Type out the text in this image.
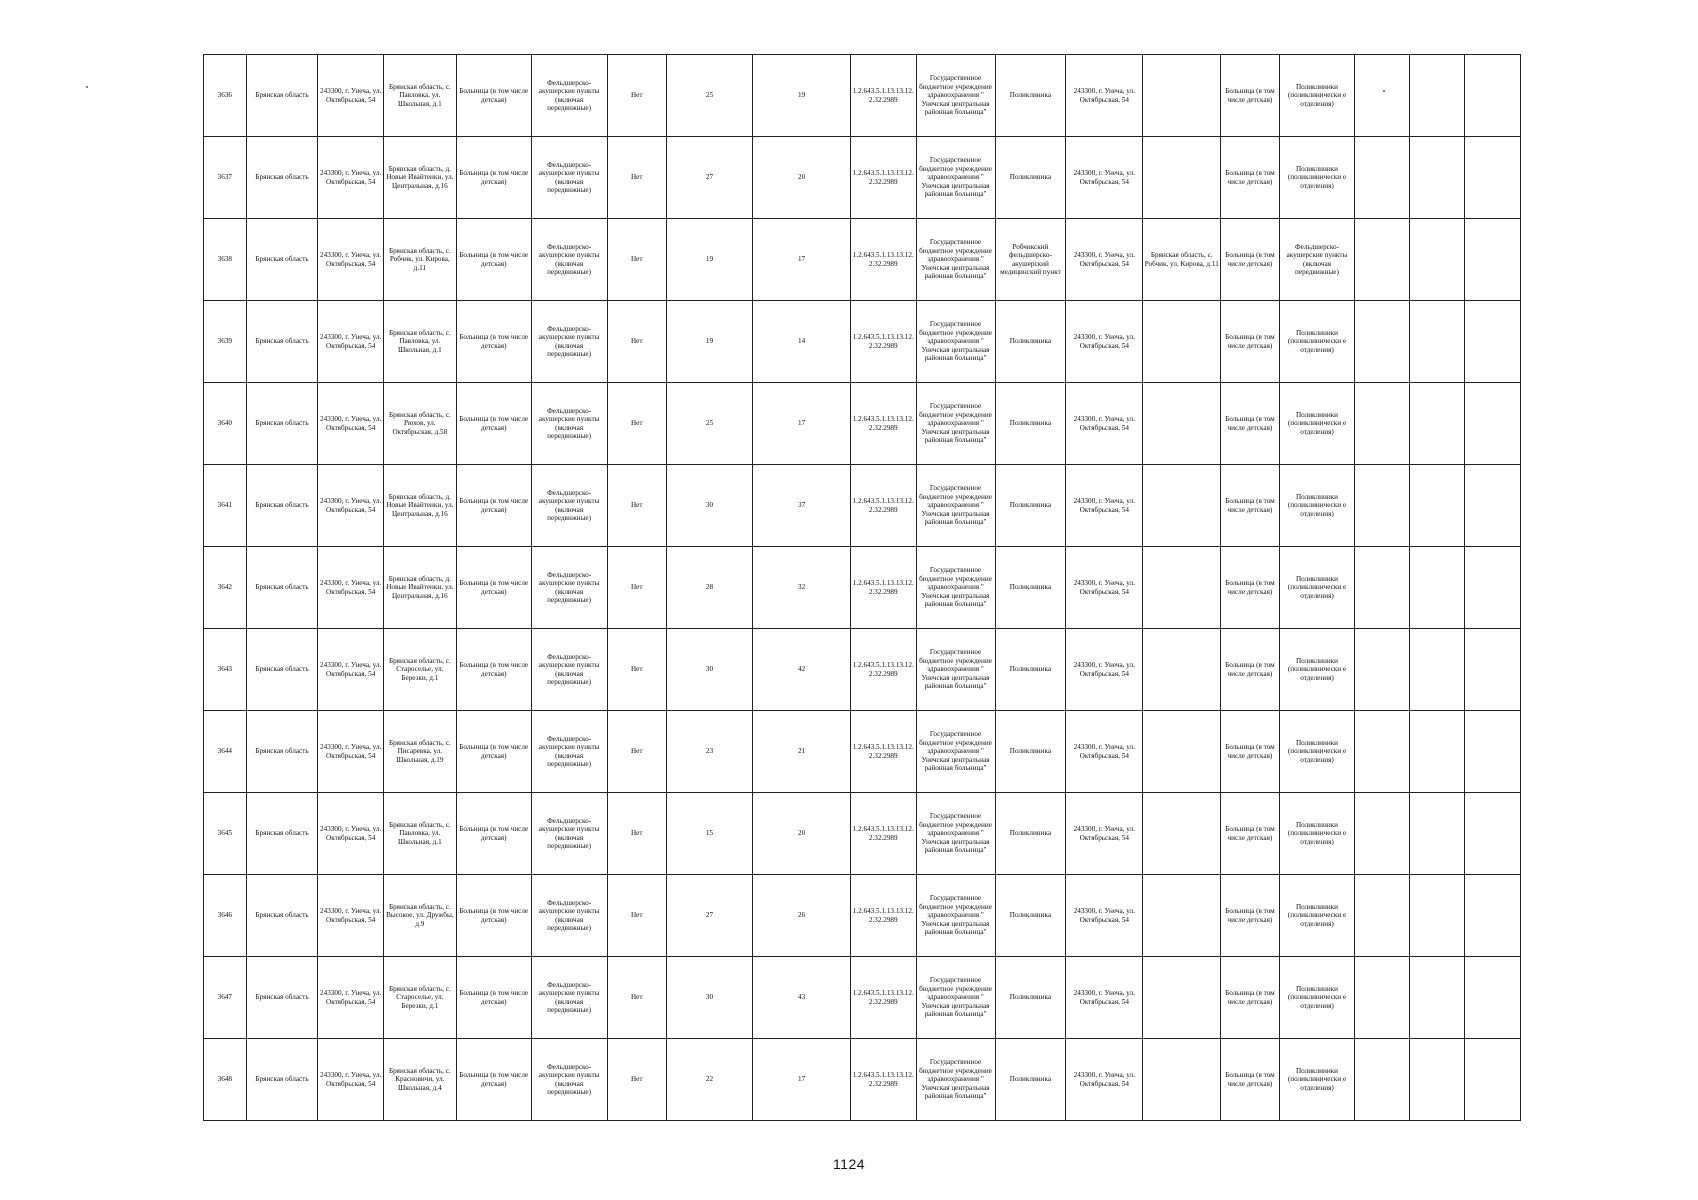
3636	Брянская область	243300, г. Унеча, ул. Октябрьская, 54	Брянская область, с. Павловка, ул. Школьная, д.1	Больница (в том числе детская)	Фельдшерско-акушерские пункты (включая передвижные)	Нет	25	19	1.2.643.5.1.13.13.12.2.32.2989	Государственное бюджетное учреждение здравоохранения " Унечская центральная районная больница"	Поликлиника	243300, г. Унеча, ул. Октябрьская, 54		Больница (в том числе детская)	Поликлиники (поликлинически е отделения)			
3637	Брянская область	243300, г. Унеча, ул. Октябрьская, 54	Брянская область, д. Новые Ивайтенки, ул. Центральная, д.16	Больница (в том числе детская)	Фельдшерско-акушерские пункты (включая передвижные)	Нет	27	20	1.2.643.5.1.13.13.12.2.32.2989	Государственное бюджетное учреждение здравоохранения " Унечская центральная районная больница"	Поликлиника	243300, г. Унеча, ул. Октябрьская, 54		Больница (в том числе детская)	Поликлиники (поликлинически е отделения)			
3638	Брянская область	243300, г. Унеча, ул. Октябрьская, 54	Брянская область, с. Робчик, ул. Кирова, д.11	Больница (в том числе детская)	Фельдшерско-акушерские пункты (включая передвижные)	Нет	19	17	1.2.643.5.1.13.13.12.2.32.2989	Государственное бюджетное учреждение здравоохранения " Унечская центральная районная больница"	Робчикский фельдшерско-акушерский медицинский пункт	243300, г. Унеча, ул. Октябрьская, 54	Брянская область, с. Робчик, ул. Кирова, д.11	Больница (в том числе детская)	Фельдшерско-акушерские пункты (включая передвижные)			
3639	Брянская область	243300, г. Унеча, ул. Октябрьская, 54	Брянская область, с. Павловка, ул. Школьная, д.1	Больница (в том числе детская)	Фельдшерско-акушерские пункты (включая передвижные)	Нет	19	14	1.2.643.5.1.13.13.12.2.32.2989	Государственное бюджетное учреждение здравоохранения " Унечская центральная районная больница"	Поликлиника	243300, г. Унеча, ул. Октябрьская, 54		Больница (в том числе детская)	Поликлиники (поликлинически е отделения)			
3640	Брянская область	243300, г. Унеча, ул. Октябрьская, 54	Брянская область, с. Рюхов, ул. Октябрьская, д.58	Больница (в том числе детская)	Фельдшерско-акушерские пункты (включая передвижные)	Нет	25	17	1.2.643.5.1.13.13.12.2.32.2989	Государственное бюджетное учреждение здравоохранения " Унечская центральная районная больница"	Поликлиника	243300, г. Унеча, ул. Октябрьская, 54		Больница (в том числе детская)	Поликлиники (поликлинически е отделения)			
3641	Брянская область	243300, г. Унеча, ул. Октябрьская, 54	Брянская область, д. Новые Ивайтенки, ул. Центральная, д.16	Больница (в том числе детская)	Фельдшерско-акушерские пункты (включая передвижные)	Нет	30	37	1.2.643.5.1.13.13.12.2.32.2989	Государственное бюджетное учреждение здравоохранения " Унечская центральная районная больница"	Поликлиника	243300, г. Унеча, ул. Октябрьская, 54		Больница (в том числе детская)	Поликлиники (поликлинически е отделения)			
3642	Брянская область	243300, г. Унеча, ул. Октябрьская, 54	Брянская область, д. Новые Ивайтенки, ул. Центральная, д.16	Больница (в том числе детская)	Фельдшерско-акушерские пункты (включая передвижные)	Нет	28	32	1.2.643.5.1.13.13.12.2.32.2989	Государственное бюджетное учреждение здравоохранения " Унечская центральная районная больница"	Поликлиника	243300, г. Унеча, ул. Октябрьская, 54		Больница (в том числе детская)	Поликлиники (поликлинически е отделения)			
3643	Брянская область	243300, г. Унеча, ул. Октябрьская, 54	Брянская область, с. Староселье, ул. Березки, д.1	Больница (в том числе детская)	Фельдшерско-акушерские пункты (включая передвижные)	Нет	30	42	1.2.643.5.1.13.13.12.2.32.2989	Государственное бюджетное учреждение здравоохранения " Унечская центральная районная больница"	Поликлиника	243300, г. Унеча, ул. Октябрьская, 54		Больница (в том числе детская)	Поликлиники (поликлинически е отделения)			
3644	Брянская область	243300, г. Унеча, ул. Октябрьская, 54	Брянская область, с. Писаревка, ул. Школьная, д.19	Больница (в том числе детская)	Фельдшерско-акушерские пункты (включая передвижные)	Нет	23	21	1.2.643.5.1.13.13.12.2.32.2989	Государственное бюджетное учреждение здравоохранения " Унечская центральная районная больница"	Поликлиника	243300, г. Унеча, ул. Октябрьская, 54		Больница (в том числе детская)	Поликлиники (поликлинически е отделения)			
3645	Брянская область	243300, г. Унеча, ул. Октябрьская, 54	Брянская область, с. Павловка, ул. Школьная, д.1	Больница (в том числе детская)	Фельдшерско-акушерские пункты (включая передвижные)	Нет	15	20	1.2.643.5.1.13.13.12.2.32.2989	Государственное бюджетное учреждение здравоохранения " Унечская центральная районная больница"	Поликлиника	243300, г. Унеча, ул. Октябрьская, 54		Больница (в том числе детская)	Поликлиники (поликлинически е отделения)			
3646	Брянская область	243300, г. Унеча, ул. Октябрьская, 54	Брянская область, с. Высокое, ул. Дружбы, д.9	Больница (в том числе детская)	Фельдшерско-акушерские пункты (включая передвижные)	Нет	27	26	1.2.643.5.1.13.13.12.2.32.2989	Государственное бюджетное учреждение здравоохранения " Унечская центральная районная больница"	Поликлиника	243300, г. Унеча, ул. Октябрьская, 54		Больница (в том числе детская)	Поликлиники (поликлинически е отделения)			
3647	Брянская область	243300, г. Унеча, ул. Октябрьская, 54	Брянская область, с. Староселье, ул. Березки, д.1	Больница (в том числе детская)	Фельдшерско-акушерские пункты (включая передвижные)	Нет	30	43	1.2.643.5.1.13.13.12.2.32.2989	Государственное бюджетное учреждение здравоохранения " Унечская центральная районная больница"	Поликлиника	243300, г. Унеча, ул. Октябрьская, 54		Больница (в том числе детская)	Поликлиники (поликлинически е отделения)			
3648	Брянская область	243300, г. Унеча, ул. Октябрьская, 54	Брянская область, с. Красновичи, ул. Школьная, д.4	Больница (в том числе детская)	Фельдшерско-акушерские пункты (включая передвижные)	Нет	22	17	1.2.643.5.1.13.13.12.2.32.2989	Государственное бюджетное учреждение здравоохранения " Унечская центральная районная больница"	Поликлиника	243300, г. Унеча, ул. Октябрьская, 54		Больница (в том числе детская)	Поликлиники (поликлинически е отделения)			
1124
